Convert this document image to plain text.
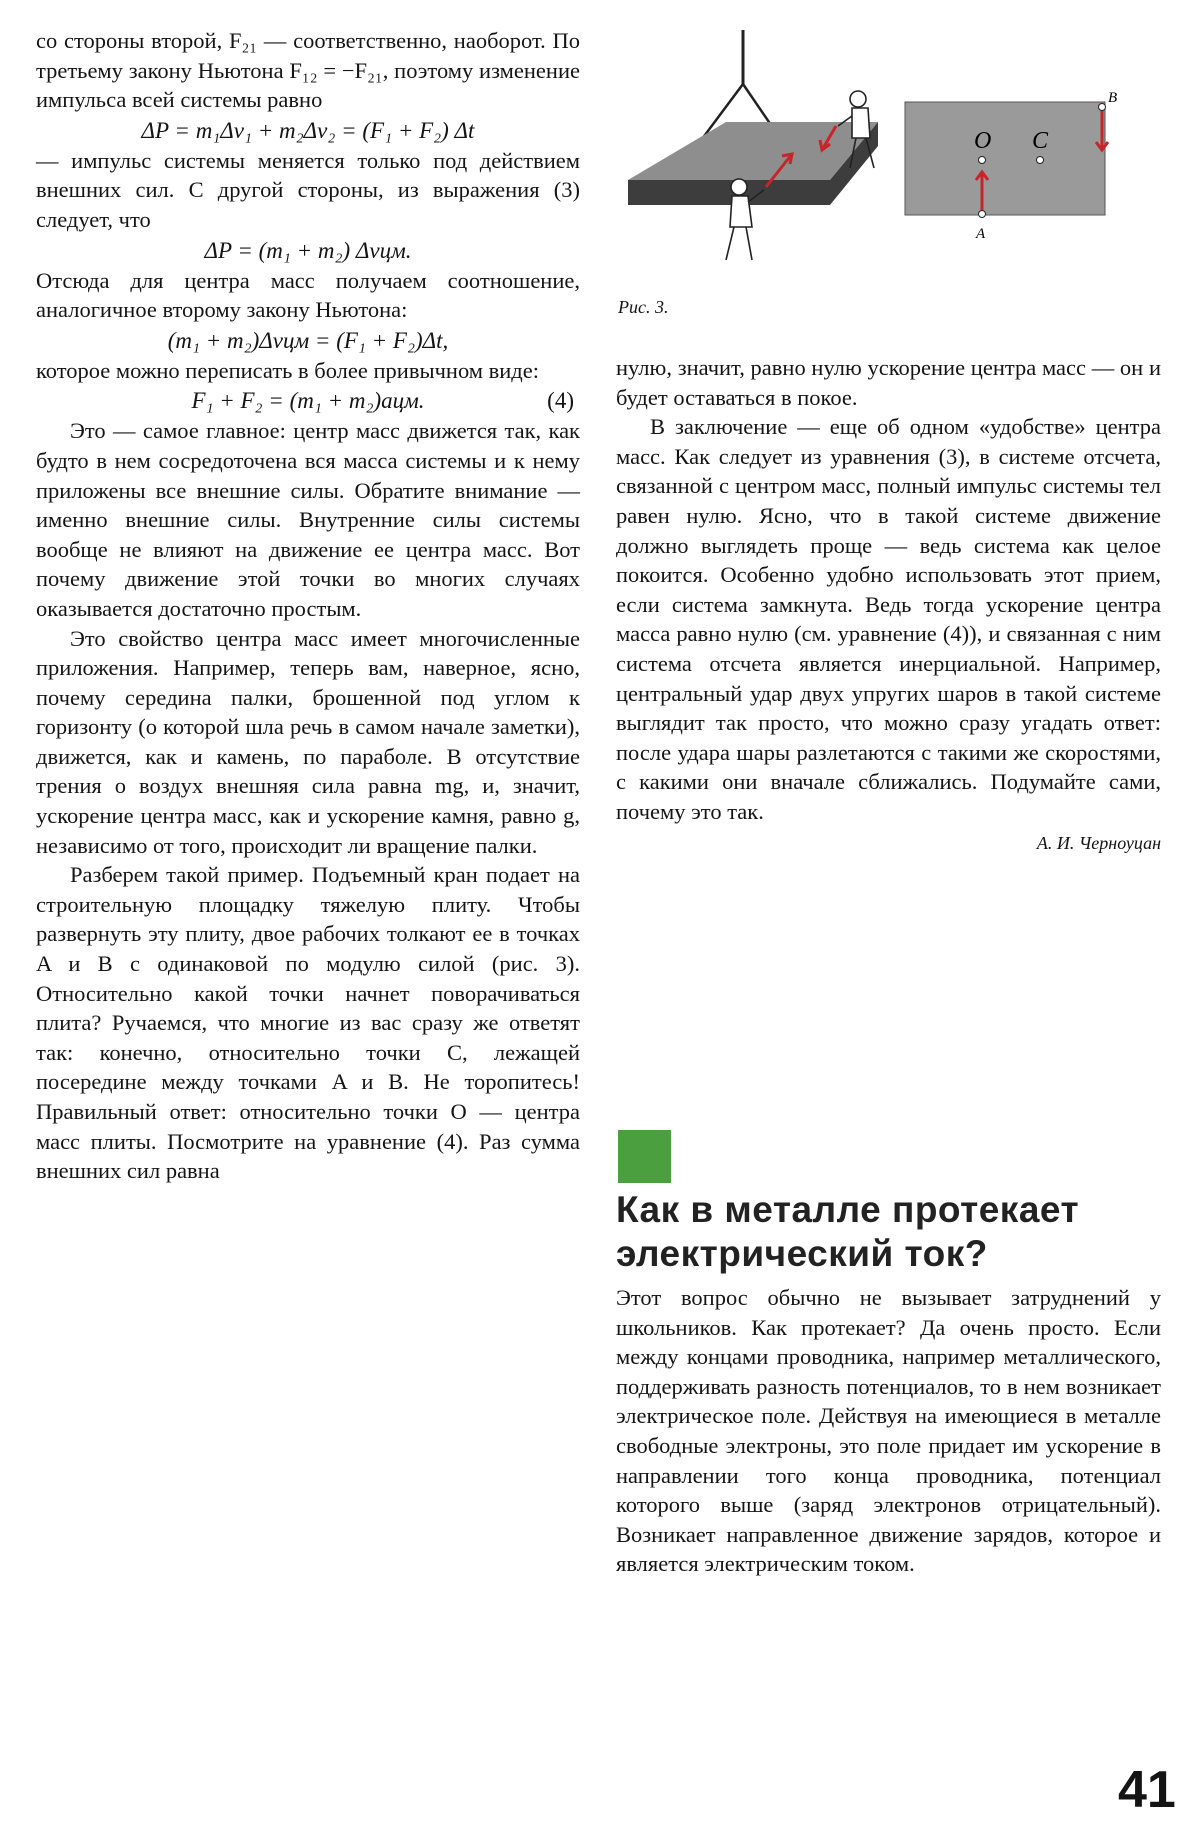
со стороны второй, F₂₁ — соответственно, наоборот. По третьему закону Ньютона F₁₂ = −F₂₁, поэтому изменение импульса всей системы равно

ΔP = m₁Δv₁ + m₂Δv₂ = (F₁ + F₂) Δt

— импульс системы меняется только под действием внешних сил. С другой стороны, из выражения (3) следует, что

ΔP = (m₁ + m₂) Δvцм.

Отсюда для центра масс получаем соотношение, аналогичное второму закону Ньютона:

(m₁ + m₂)Δvцм = (F₁ + F₂)Δt,

которое можно переписать в более привычном виде:

F₁ + F₂ = (m₁ + m₂)aцм.	(4)

Это — самое главное: центр масс движется так, как будто в нем сосредоточена вся масса системы и к нему приложены все внешние силы. Обратите внимание — именно внешние силы. Внутренние силы системы вообще не влияют на движение ее центра масс. Вот почему движение этой точки во многих случаях оказывается достаточно простым.

Это свойство центра масс имеет многочисленные приложения. Например, теперь вам, наверное, ясно, почему середина палки, брошенной под углом к горизонту (о которой шла речь в самом начале заметки), движется, как и камень, по параболе. В отсутствие трения о воздух внешняя сила равна mg, и, значит, ускорение центра масс, как и ускорение камня, равно g, независимо от того, происходит ли вращение палки.

Разберем такой пример. Подъемный кран подает на строительную площадку тяжелую плиту. Чтобы развернуть эту плиту, двое рабочих толкают ее в точках A и B с одинаковой по модулю силой (рис. 3). Относительно какой точки начнет поворачиваться плита? Ручаемся, что многие из вас сразу же ответят так: конечно, относительно точки C, лежащей посередине между точками A и B. Не торопитесь! Правильный ответ: относительно точки O — центра масс плиты. Посмотрите на уравнение (4). Раз сумма внешних сил равна

B
O C
A
Рис. 3.

нулю, значит, равно нулю ускорение центра масс — он и будет оставаться в покое.

В заключение — еще об одном «удобстве» центра масс. Как следует из уравнения (3), в системе отсчета, связанной с центром масс, полный импульс системы тел равен нулю. Ясно, что в такой системе движение должно выглядеть проще — ведь система как целое покоится. Особенно удобно использовать этот прием, если система замкнута. Ведь тогда ускорение центра масса равно нулю (см. уравнение (4)), и связанная с ним система отсчета является инерциальной. Например, центральный удар двух упругих шаров в такой системе выглядит так просто, что можно сразу угадать ответ: после удара шары разлетаются с такими же скоростями, с какими они вначале сближались. Подумайте сами, почему это так.

А. И. Черноуцан
Как в металле протекает электрический ток?

Этот вопрос обычно не вызывает затруднений у школьников. Как протекает? Да очень просто. Если между концами проводника, например металлического, поддерживать разность потенциалов, то в нем возникает электрическое поле. Действуя на имеющиеся в металле свободные электроны, это поле придает им ускорение в направлении того конца проводника, потенциал которого выше (заряд электронов отрицательный). Возникает направленное движение зарядов, которое и является электрическим током.

41
